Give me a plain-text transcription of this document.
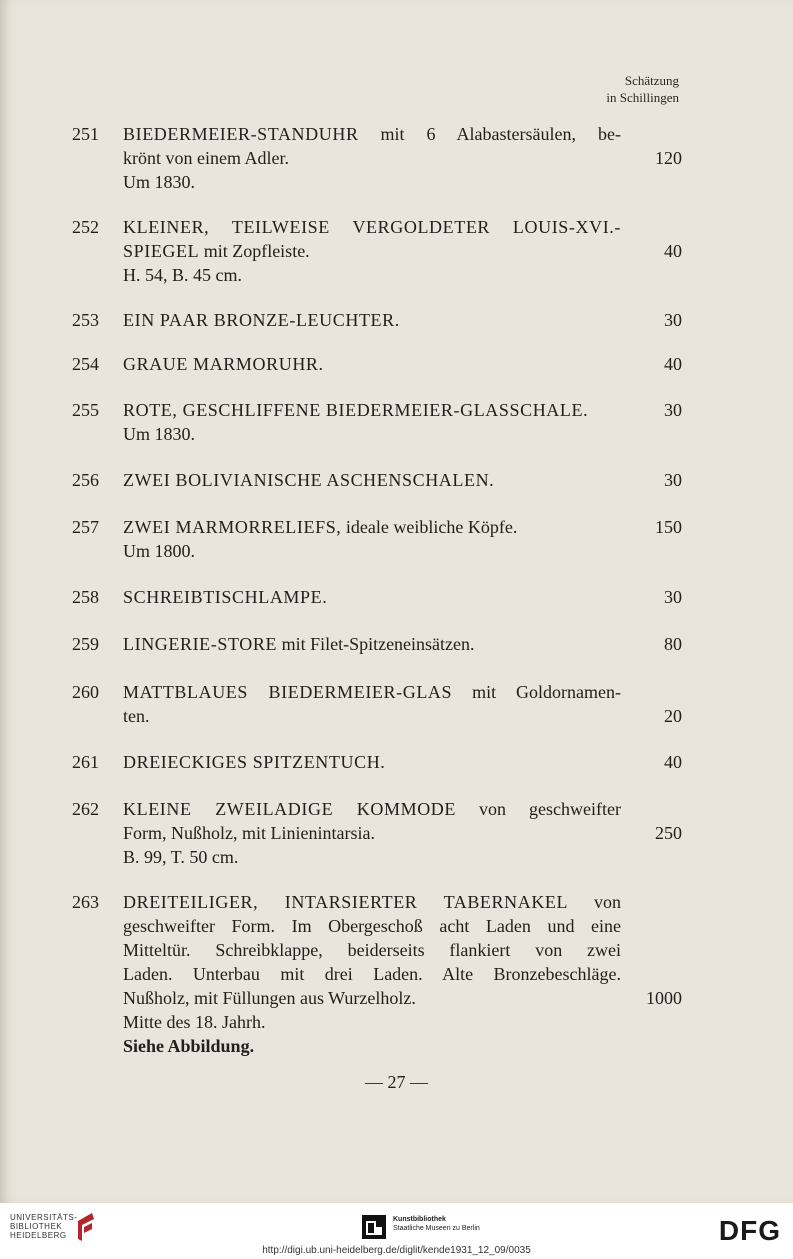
Schätzung
in Schillingen
251	BIEDERMEIER-STANDUHR mit 6 Alabastersäulen, be-
krönt von einem Adler.	120
Um 1830.
252	KLEINER, TEILWEISE VERGOLDETER LOUIS-XVI.-
SPIEGEL mit Zopfleiste.	40
H. 54, B. 45 cm.
253	EIN PAAR BRONZE-LEUCHTER.	30
254	GRAUE MARMORUHR.	40
255	ROTE, GESCHLIFFENE BIEDERMEIER-GLASSCHALE.	30
Um 1830.
256	ZWEI BOLIVIANISCHE ASCHENSCHALEN.	30
257	ZWEI MARMORRELIEFS, ideale weibliche Köpfe.	150
Um 1800.
258	SCHREIBTISCHLAMPE.	30
259	LINGERIE-STORE mit Filet-Spitzeneinsätzen.	80
260	MATTBLAUES BIEDERMEIER-GLAS mit Goldornamen-
ten.	20
261	DREIECKIGES SPITZENTUCH.	40
262	KLEINE ZWEILADIGE KOMMODE von geschweifter
Form, Nußholz, mit Linienintarsia.	250
B. 99, T. 50 cm.
263	DREITEILIGER, INTARSIERTER TABERNAKEL von
geschweifter Form. Im Obergeschoß acht Laden und eine
Mitteltür. Schreibklappe, beiderseits flankiert von zwei
Laden. Unterbau mit drei Laden. Alte Bronzebeschläge.
Nußholz, mit Füllungen aus Wurzelholz.	1000
Mitte des 18. Jahrh.
Siehe Abbildung.
— 27 —
UNIVERSITÄTS-
BIBLIOTHEK
HEIDELBERG
Kunstbibliothek
Staatliche Museen zu Berlin	DFG
http://digi.ub.uni-heidelberg.de/diglit/kende1931_12_09/0035
